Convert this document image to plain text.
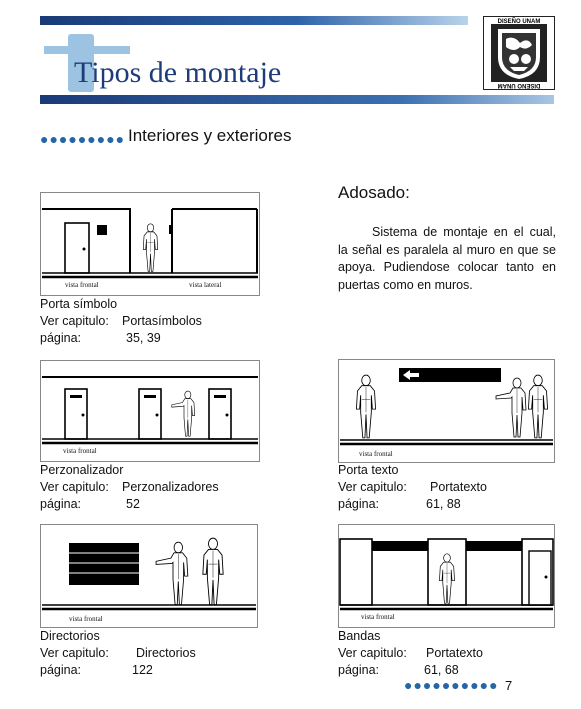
Tipos de montaje
DISEÑO UNAM
DISEÑO UNAM
●●●●●●●●● Interiores y exteriores
vista frontal	vista lateral
Porta símbolo
Ver capitulo: Portasímbolos
página:	35, 39
Adosado:
Sistema de montaje en el cual, la señal es paralela al muro en que se apoya. Pudiendose colocar tanto en puertas como en muros.
vista frontal
Perzonalizador
Ver capitulo: Perzonalizadores
página:	52
vista frontal
Porta texto
Ver capitulo: Portatexto
página:	61, 88
vista frontal
Directorios
Ver capitulo: Directorios
página:	122
vista frontal
Bandas
Ver capitulo: Portatexto
página:	61, 68
●●●●●●●●●● 7
